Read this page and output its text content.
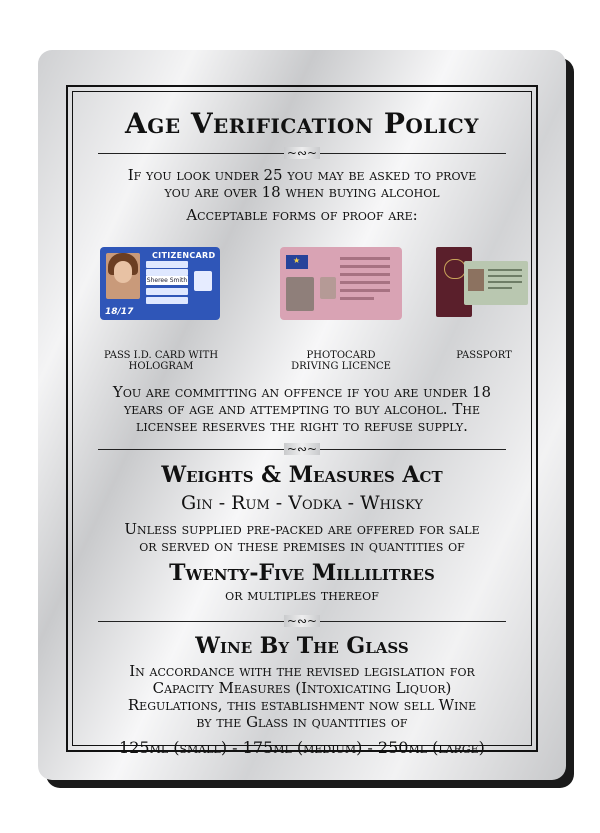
Age Verification Policy
~∾~
If you look under 25 you may be asked to prove
you are over 18 when buying alcohol
Acceptable forms of proof are:
CITIZENCARD
Sheree Smith
18/17
★
PASS I.D. CARD WITH
HOLOGRAM
PHOTOCARD
DRIVING LICENCE
PASSPORT
You are committing an offence if you are under 18
years of age and attempting to buy alcohol. The
licensee reserves the right to refuse supply.
~∾~
Weights & Measures Act
Gin - Rum - Vodka - Whisky
Unless supplied pre-packed are offered for sale
or served on these premises in quantities of
Twenty-Five Millilitres
or multiples thereof
~∾~
Wine By The Glass
In accordance with the revised legislation for
Capacity Measures (Intoxicating Liquor)
Regulations, this establishment now sell Wine
by the Glass in quantities of
125ml (small) - 175ml (medium) - 250ml (large)
